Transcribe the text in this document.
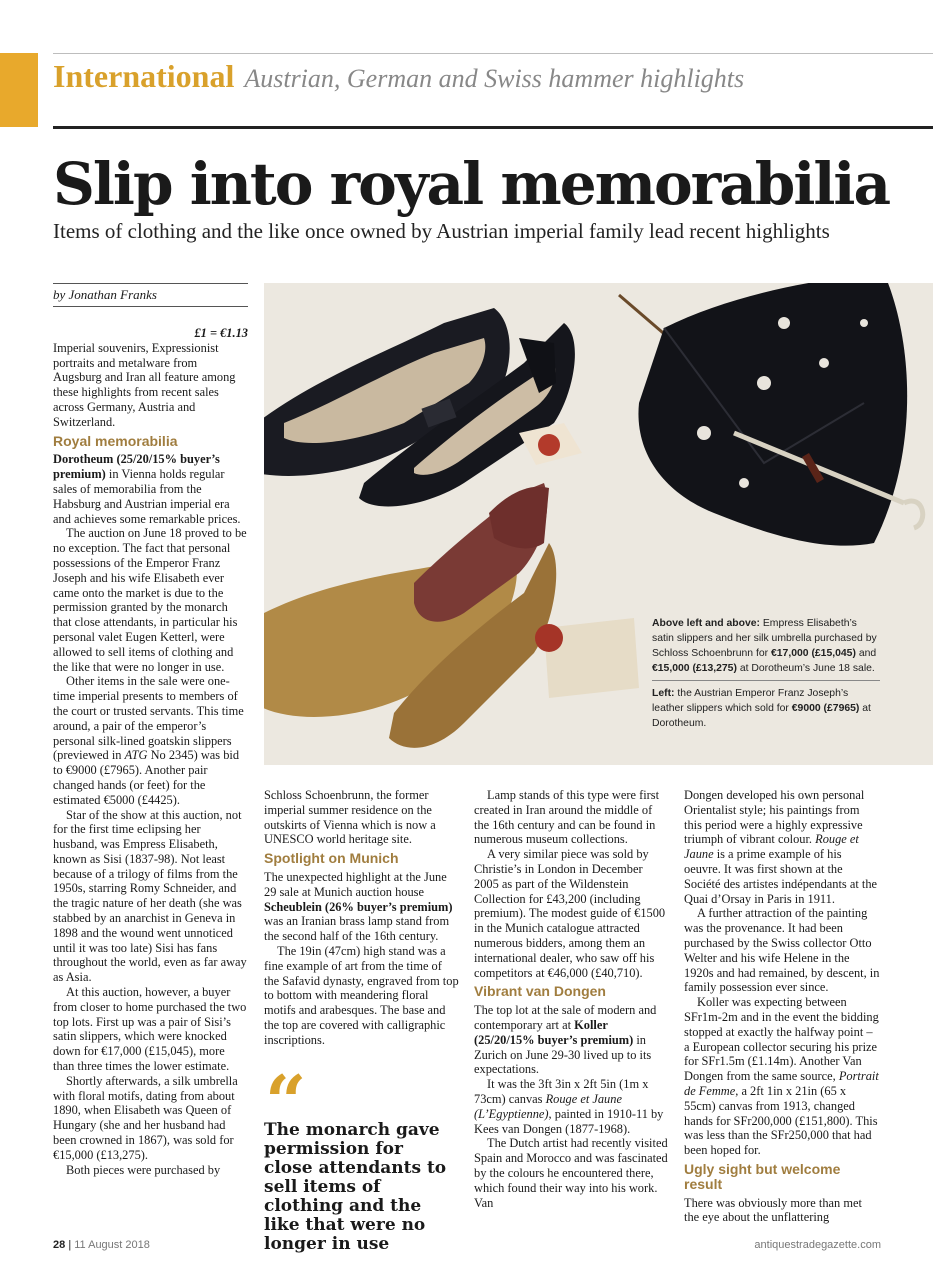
International Austrian, German and Swiss hammer highlights
Slip into royal memorabilia
Items of clothing and the like once owned by Austrian imperial family lead recent highlights
by Jonathan Franks

£1 = €1.13

Imperial souvenirs, Expressionist portraits and metalware from Augsburg and Iran all feature among these highlights from recent sales across Germany, Austria and Switzerland.

Royal memorabilia

Dorotheum (25/20/15% buyer’s premium) in Vienna holds regular sales of memorabilia from the Habsburg and Austrian imperial era and achieves some remarkable prices.

The auction on June 18 proved to be no exception. The fact that personal possessions of the Emperor Franz Joseph and his wife Elisabeth ever came onto the market is due to the permission granted by the monarch that close attendants, in particular his personal valet Eugen Ketterl, were allowed to sell items of clothing and the like that were no longer in use.

Other items in the sale were one-time imperial presents to members of the court or trusted servants. This time around, a pair of the emperor’s personal silk-lined goatskin slippers (previewed in ATG No 2345) was bid to €9000 (£7965). Another pair changed hands (or feet) for the estimated €5000 (£4425).

Star of the show at this auction, not for the first time eclipsing her husband, was Empress Elisabeth, known as Sisi (1837-98). Not least because of a trilogy of films from the 1950s, starring Romy Schneider, and the tragic nature of her death (she was stabbed by an anarchist in Geneva in 1898 and the wound went unnoticed until it was too late) Sisi has fans throughout the world, even as far away as Asia.

At this auction, however, a buyer from closer to home purchased the two top lots. First up was a pair of Sisi’s satin slippers, which were knocked down for €17,000 (£15,045), more than three times the lower estimate.

Shortly afterwards, a silk umbrella with floral motifs, dating from about 1890, when Elisabeth was Queen of Hungary (she and her husband had been crowned in 1867), was sold for €15,000 (£13,275).

Both pieces were purchased by

Above left and above: Empress Elisabeth’s satin slippers and her silk umbrella purchased by Schloss Schoenbrunn for €17,000 (£15,045) and €15,000 (£13,275) at Dorotheum’s June 18 sale.

Left: the Austrian Emperor Franz Joseph’s leather slippers which sold for €9000 (£7965) at Dorotheum.

Schloss Schoenbrunn, the former imperial summer residence on the outskirts of Vienna which is now a UNESCO world heritage site.

Spotlight on Munich

The unexpected highlight at the June 29 sale at Munich auction house Scheublein (26% buyer’s premium) was an Iranian brass lamp stand from the second half of the 16th century.

The 19in (47cm) high stand was a fine example of art from the time of the Safavid dynasty, engraved from top to bottom with meandering floral motifs and arabesques. The base and the top are covered with calligraphic inscriptions.

“
The monarch gave permission for close attendants to sell items of clothing and the like that were no longer in use

Lamp stands of this type were first created in Iran around the middle of the 16th century and can be found in numerous museum collections.

A very similar piece was sold by Christie’s in London in December 2005 as part of the Wildenstein Collection for £43,200 (including premium). The modest guide of €1500 in the Munich catalogue attracted numerous bidders, among them an international dealer, who saw off his competitors at €46,000 (£40,710).

Vibrant van Dongen

The top lot at the sale of modern and contemporary art at Koller (25/20/15% buyer’s premium) in Zurich on June 29-30 lived up to its expectations.

It was the 3ft 3in x 2ft 5in (1m x 73cm) canvas Rouge et Jaune (L’Egyptienne), painted in 1910-11 by Kees van Dongen (1877-1968).

The Dutch artist had recently visited Spain and Morocco and was fascinated by the colours he encountered there, which found their way into his work. Van

Dongen developed his own personal Orientalist style; his paintings from this period were a highly expressive triumph of vibrant colour. Rouge et Jaune is a prime example of his oeuvre. It was first shown at the Société des artistes indépendants at the Quai d’Orsay in Paris in 1911.

A further attraction of the painting was the provenance. It had been purchased by the Swiss collector Otto Welter and his wife Helene in the 1920s and had remained, by descent, in family possession ever since.

Koller was expecting between SFr1m-2m and in the event the bidding stopped at exactly the halfway point – a European collector securing his prize for SFr1.5m (£1.14m). Another Van Dongen from the same source, Portrait de Femme, a 2ft 1in x 21in (65 x 55cm) canvas from 1913, changed hands for SFr200,000 (£151,800). This was less than the SFr250,000 that had been hoped for.

Ugly sight but welcome result

There was obviously more than met the eye about the unflattering

28 | 11 August 2018	antiquestradegazette.com
